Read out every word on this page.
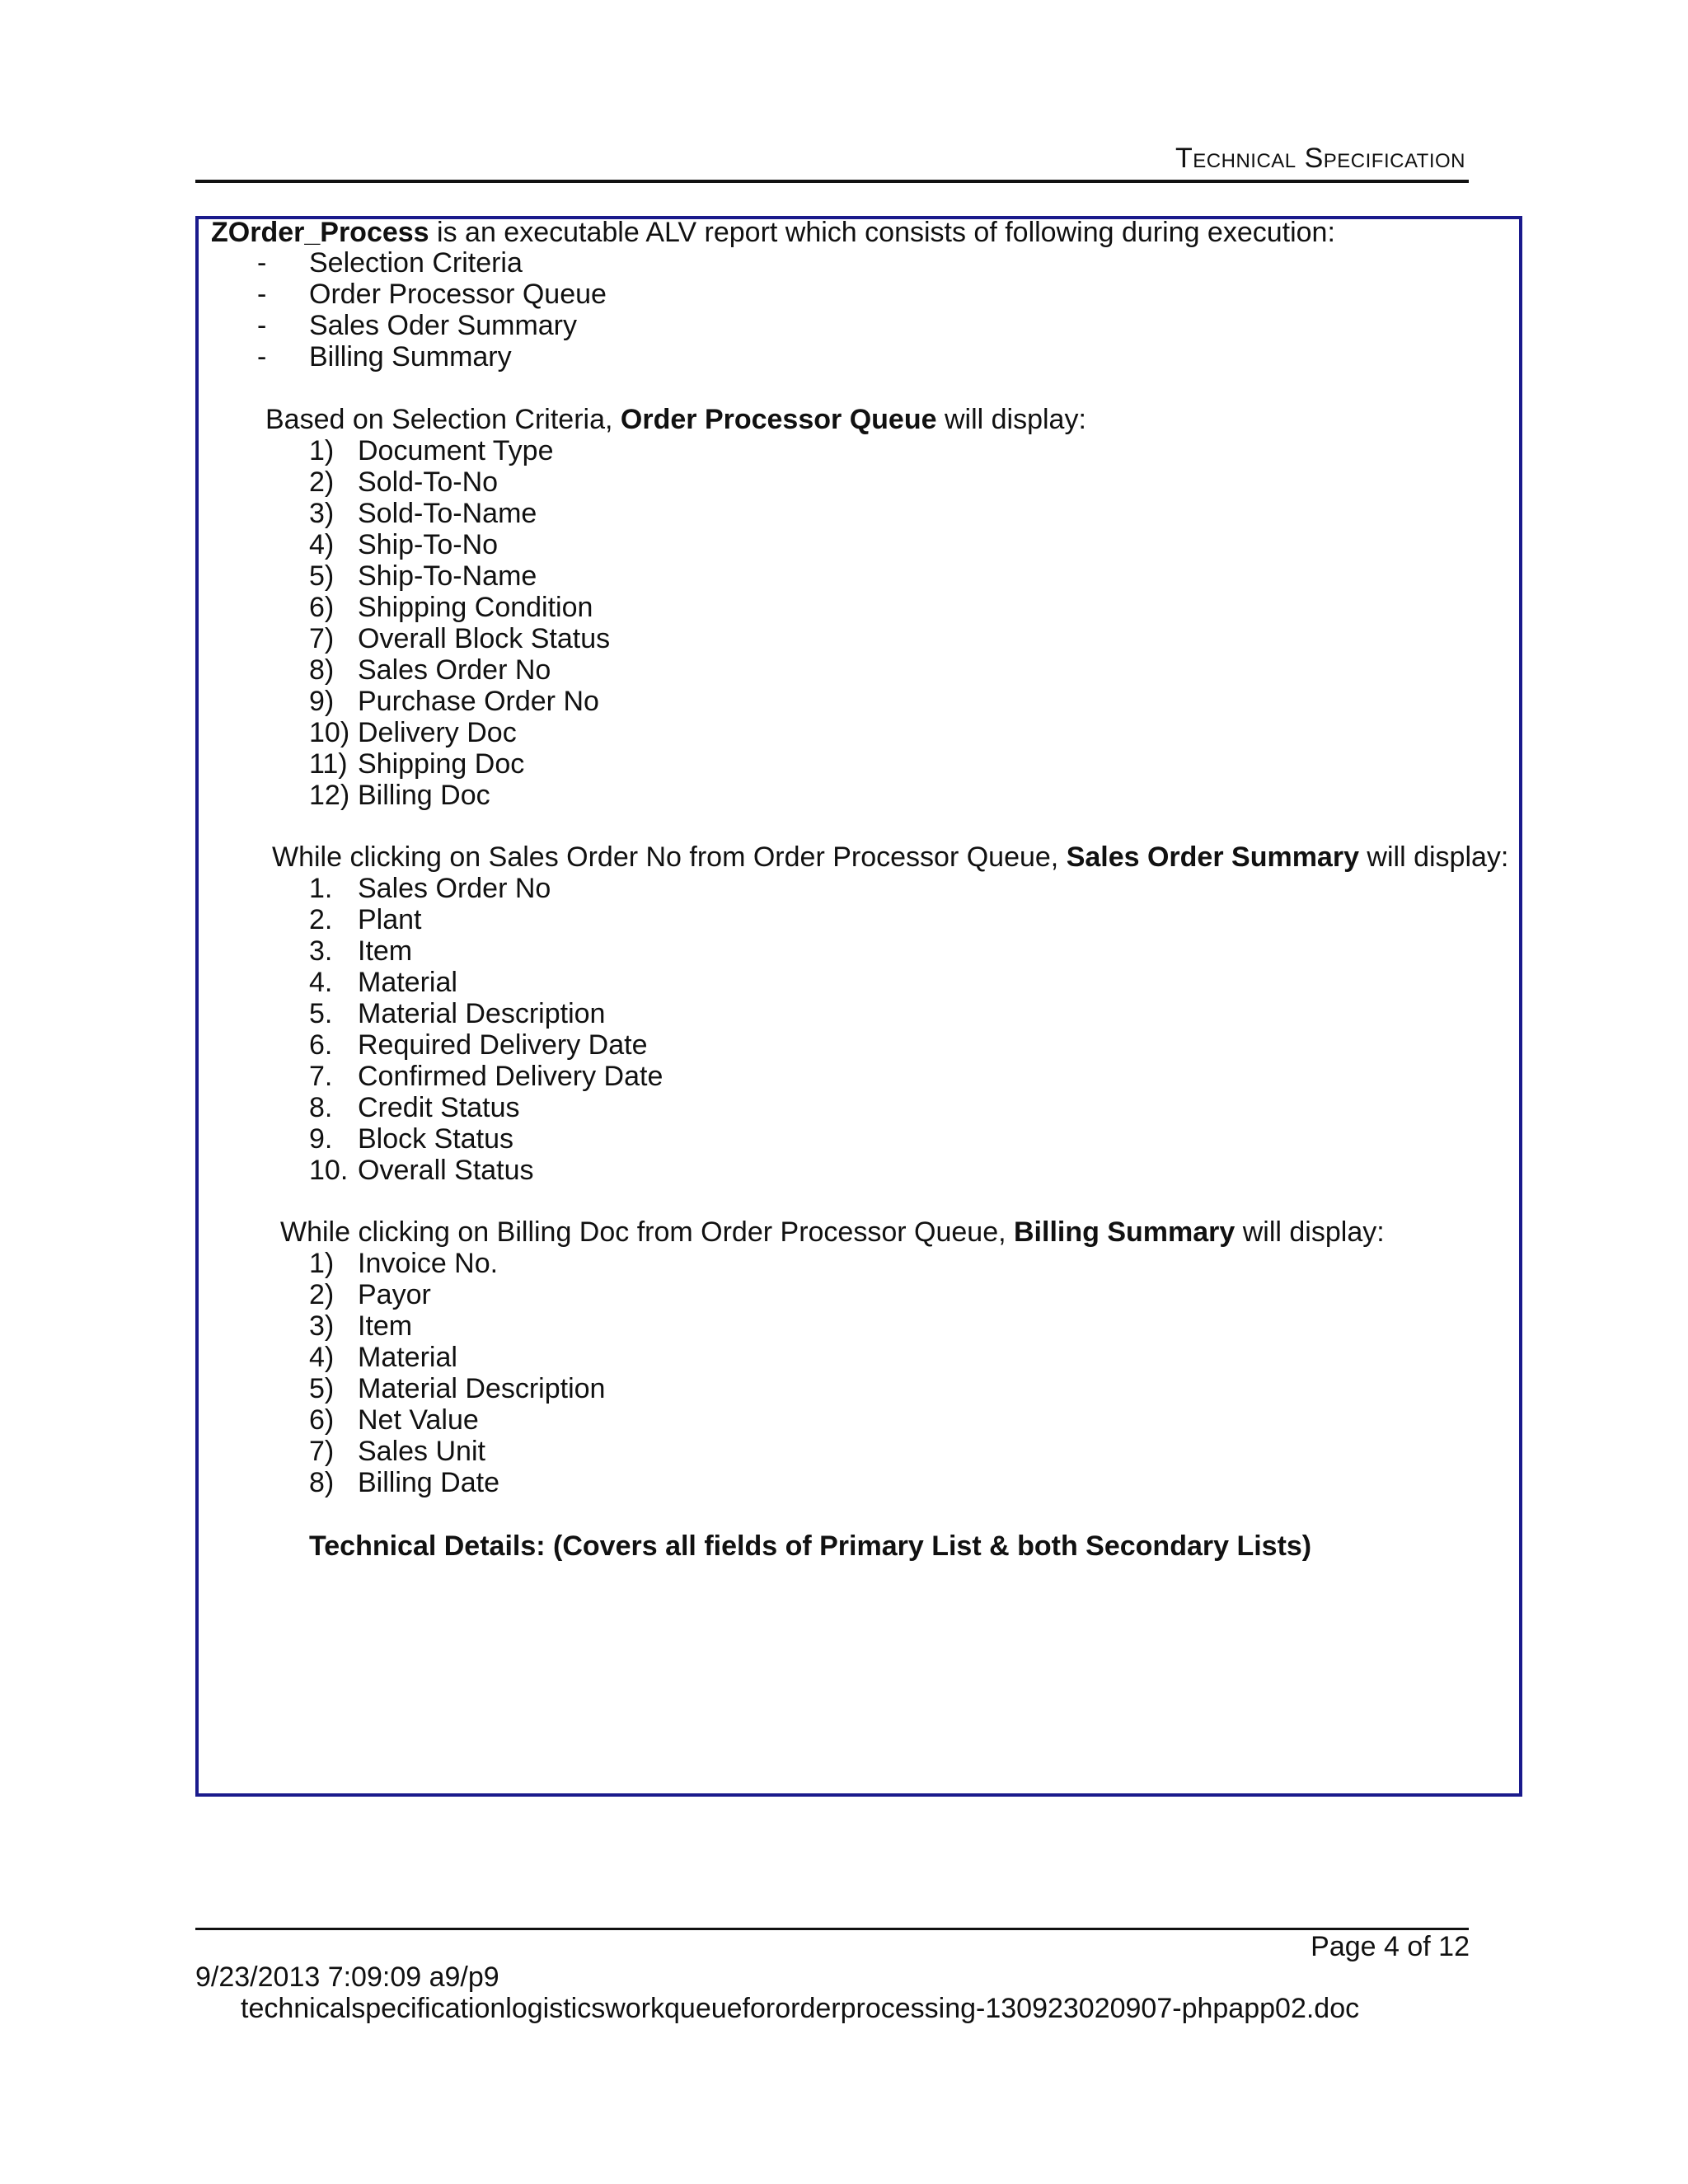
Technical Specification
ZOrder_Process is an executable ALV report which consists of following during execution:
- Selection Criteria
- Order Processor Queue
- Sales Oder Summary
- Billing Summary
Based on Selection Criteria, Order Processor Queue will display:
1) Document Type
2) Sold-To-No
3) Sold-To-Name
4) Ship-To-No
5) Ship-To-Name
6) Shipping Condition
7) Overall Block Status
8) Sales Order No
9) Purchase Order No
10) Delivery Doc
11) Shipping Doc
12) Billing Doc
While clicking on Sales Order No from Order Processor Queue, Sales Order Summary will display:
1. Sales Order No
2. Plant
3. Item
4. Material
5. Material Description
6. Required Delivery Date
7. Confirmed Delivery Date
8. Credit Status
9. Block Status
10. Overall Status
While clicking on Billing Doc from Order Processor Queue, Billing Summary will display:
1) Invoice No.
2) Payor
3) Item
4) Material
5) Material Description
6) Net Value
7) Sales Unit
8) Billing Date
Technical Details: (Covers all fields of Primary List & both Secondary Lists)
Page 4 of 12
9/23/2013 7:09:09 a9/p9
technicalspecificationlogisticsworkqueuefororderprocessing-130923020907-phpapp02.doc
